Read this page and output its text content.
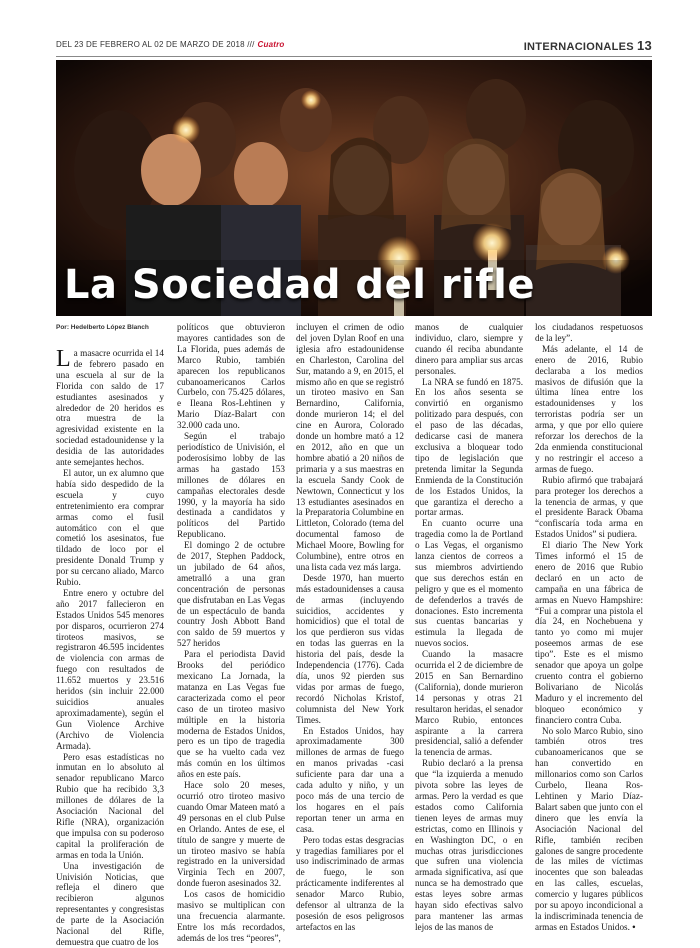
DEL 23 DE FEBRERO AL 02 DE MARZO DE 2018 /// Cuatro	INTERNACIONALES 13
La Sociedad del rifle
Por: Hedelberto López Blanch

La masacre ocurrida el 14 de febrero pasado en una escuela al sur de la Florida con saldo de 17 estudiantes asesinados y alrededor de 20 heridos es otra muestra de la agresividad existente en la sociedad estadounidense y la desidia de las autoridades ante semejantes hechos.

El autor, un ex alumno que había sido despedido de la escuela y cuyo entretenimiento era comprar armas como el fusil automático con el que cometió los asesinatos, fue tildado de loco por el presidente Donald Trump y por su cercano aliado, Marco Rubio.

Entre enero y octubre del año 2017 fallecieron en Estados Unidos 545 menores por disparos, ocurrieron 274 tiroteos masivos, se registraron 46.595 incidentes de violencia con armas de fuego con resultados de 11.652 muertos y 23.516 heridos (sin incluir 22.000 suicidios anuales aproximadamente), según el Gun Violence Archive (Archivo de Violencia Armada).

Pero esas estadísticas no inmutan en lo absoluto al senador republicano Marco Rubio que ha recibido 3,3 millones de dólares de la Asociación Nacional del Rifle (NRA), organización que impulsa con su poderoso capital la proliferación de armas en toda la Unión.

Una investigación de Univisión Noticias, que refleja el dinero que recibieron algunos representantes y congresistas de parte de la Asociación Nacional del Rifle, demuestra que cuatro de los

políticos que obtuvieron mayores cantidades son de La Florida, pues además de Marco Rubio, también aparecen los republicanos cubanoamericanos Carlos Curbelo, con 75.425 dólares, e Ileana Ros-Lehtinen y Mario Díaz-Balart con 32.000 cada uno.

Según el trabajo periodístico de Univisión, el poderosísimo lobby de las armas ha gastado 153 millones de dólares en campañas electorales desde 1990, y la mayoría ha sido destinada a candidatos y políticos del Partido Republicano.

El domingo 2 de octubre de 2017, Stephen Paddock, un jubilado de 64 años, ametralló a una gran concentración de personas que disfrutaban en Las Vegas de un espectáculo de banda country Josh Abbott Band con saldo de 59 muertos y 527 heridos

Para el periodista David Brooks del periódico mexicano La Jornada, la matanza en Las Vegas fue caracterizada como el peor caso de un tiroteo masivo múltiple en la historia moderna de Estados Unidos, pero es un tipo de tragedia que se ha vuelto cada vez más común en los últimos años en este país.

Hace solo 20 meses, ocurrió otro tiroteo masivo cuando Omar Mateen mató a 49 personas en el club Pulse en Orlando. Antes de ese, el título de sangre y muerte de un tiroteo masivo se había registrado en la universidad Virginia Tech en 2007, donde fueron asesinados 32.

Los casos de homicidio masivo se multiplican con una frecuencia alarmante. Entre los más recordados, además de los tres “peores”,

incluyen el crimen de odio del joven Dylan Roof en una iglesia afro estadounidense en Charleston, Carolina del Sur, matando a 9, en 2015, el mismo año en que se registró un tiroteo masivo en San Bernardino, California, donde murieron 14; el del cine en Aurora, Colorado donde un hombre mató a 12 en 2012, año en que un hombre abatió a 20 niños de primaria y a sus maestras en la escuela Sandy Cook de Newtown, Connecticut y los 13 estudiantes asesinados en la Preparatoria Columbine en Littleton, Colorado (tema del documental famoso de Michael Moore, Bowling for Columbine), entre otros en una lista cada vez más larga.

Desde 1970, han muerto más estadounidenses a causa de armas (incluyendo suicidios, accidentes y homicidios) que el total de los que perdieron sus vidas en todas las guerras en la historia del país, desde la Independencia (1776). Cada día, unos 92 pierden sus vidas por armas de fuego, recordó Nicholas Kristof, columnista del New York Times.

En Estados Unidos, hay aproximadamente 300 millones de armas de fuego en manos privadas -casi suficiente para dar una a cada adulto y niño, y un poco más de una tercio de los hogares en el país reportan tener un arma en casa.

Pero todas estas desgracias y tragedias familiares por el uso indiscriminado de armas de fuego, le son prácticamente indiferentes al senador Marco Rubio, defensor al ultranza de la posesión de esos peligrosos artefactos en las

manos de cualquier individuo, claro, siempre y cuando él reciba abundante dinero para ampliar sus arcas personales.

La NRA se fundó en 1875. En los años sesenta se convirtió en organismo politizado para después, con el paso de las décadas, dedicarse casi de manera exclusiva a bloquear todo tipo de legislación que pretenda limitar la Segunda Enmienda de la Constitución de los Estados Unidos, la que garantiza el derecho a portar armas.

En cuanto ocurre una tragedia como la de Portland o Las Vegas, el organismo lanza cientos de correos a sus miembros advirtiendo que sus derechos están en peligro y que es el momento de defenderlos a través de donaciones. Esto incrementa sus cuentas bancarias y estimula la llegada de nuevos socios.

Cuando la masacre ocurrida el 2 de diciembre de 2015 en San Bernardino (California), donde murieron 14 personas y otras 21 resultaron heridas, el senador Marco Rubio, entonces aspirante a la carrera presidencial, salió a defender la tenencia de armas.

Rubio declaró a la prensa que “la izquierda a menudo pivota sobre las leyes de armas. Pero la verdad es que estados como California tienen leyes de armas muy estrictas, como en Illinois y en Washington DC, o en muchas otras jurisdicciones que sufren una violencia armada significativa, así que nunca se ha demostrado que estas leyes sobre armas hayan sido efectivas salvo para mantener las armas lejos de las manos de

los ciudadanos respetuosos de la ley”.

Más adelante, el 14 de enero de 2016, Rubio declaraba a los medios masivos de difusión que la última línea entre los estadounidenses y los terroristas podría ser un arma, y que por ello quiere reforzar los derechos de la 2da enmienda constitucional y no restringir el acceso a armas de fuego.

Rubio afirmó que trabajará para proteger los derechos a la tenencia de armas, y que el presidente Barack Obama “confiscaría toda arma en Estados Unidos” si pudiera.

El diario The New York Times informó el 15 de enero de 2016 que Rubio declaró en un acto de campaña en una fábrica de armas en Nuevo Hampshire: “Fui a comprar una pistola el día 24, en Nochebuena y tanto yo como mi mujer poseemos armas de ese tipo”. Este es el mismo senador que apoya un golpe cruento contra el gobierno Bolivariano de Nicolás Maduro y el incremento del bloqueo económico y financiero contra Cuba.

No solo Marco Rubio, sino también otros tres cubanoamericanos que se han convertido en millonarios como son Carlos Curbelo, Ileana Ros-Lehtinen y Mario Díaz-Balart saben que junto con el dinero que les envía la Asociación Nacional del Rifle, también reciben galones de sangre procedente de las miles de víctimas inocentes que son baleadas en las calles, escuelas, comercio y lugares públicos por su apoyo incondicional a la indiscriminada tenencia de armas en Estados Unidos. •
